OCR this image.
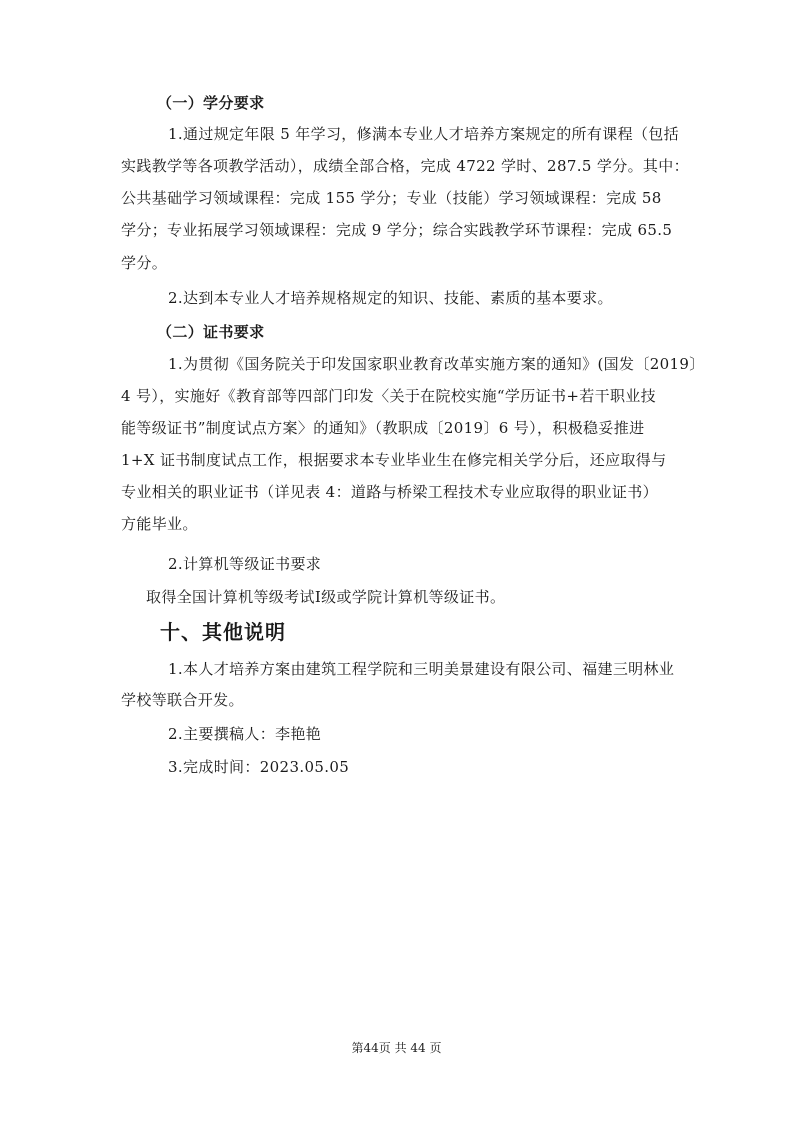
（一）学分要求
1.通过规定年限 5 年学习，修满本专业人才培养方案规定的所有课程（包括
实践教学等各项教学活动），成绩全部合格，完成 4722 学时、287.5 学分。其中：
公共基础学习领域课程：完成 155 学分；专业（技能）学习领域课程：完成 58
学分；专业拓展学习领域课程：完成 9 学分；综合实践教学环节课程：完成 65.5
学分。
2.达到本专业人才培养规格规定的知识、技能、素质的基本要求。
（二）证书要求
1.为贯彻《国务院关于印发国家职业教育改革实施方案的通知》(国发〔2019〕
4 号），实施好《教育部等四部门印发〈关于在院校实施“学历证书+若干职业技
能等级证书”制度试点方案〉的通知》（教职成〔2019〕6 号），积极稳妥推进
1+X 证书制度试点工作，根据要求本专业毕业生在修完相关学分后，还应取得与
专业相关的职业证书（详见表 4：道路与桥梁工程技术专业应取得的职业证书）
方能毕业。
2.计算机等级证书要求
取得全国计算机等级考试Ⅰ级或学院计算机等级证书。
十、其他说明
1.本人才培养方案由建筑工程学院和三明美景建设有限公司、福建三明林业
学校等联合开发。
2.主要撰稿人：李艳艳
3.完成时间：2023.05.05
第44页 共 44 页
